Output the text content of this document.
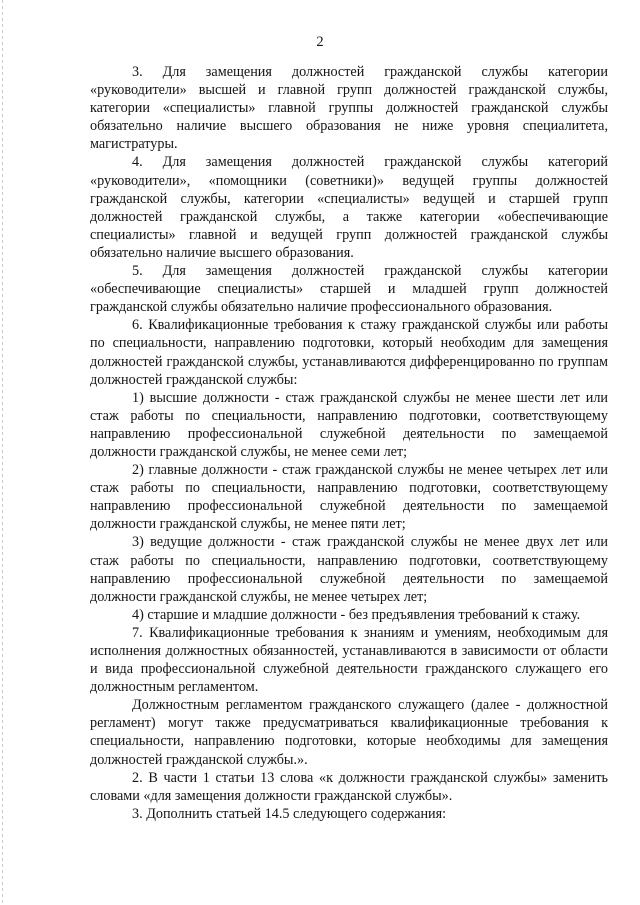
2

3. Для замещения должностей гражданской службы категории «руководители» высшей и главной групп должностей гражданской службы, категории «специалисты» главной группы должностей гражданской службы обязательно наличие высшего образования не ниже уровня специалитета, магистратуры.

4. Для замещения должностей гражданской службы категорий «руководители», «помощники (советники)» ведущей группы должностей гражданской службы, категории «специалисты» ведущей и старшей групп должностей гражданской службы, а также категории «обеспечивающие специалисты» главной и ведущей групп должностей гражданской службы обязательно наличие высшего образования.

5. Для замещения должностей гражданской службы категории «обеспечивающие специалисты» старшей и младшей групп должностей гражданской службы обязательно наличие профессионального образования.

6. Квалификационные требования к стажу гражданской службы или работы по специальности, направлению подготовки, который необходим для замещения должностей гражданской службы, устанавливаются дифференцированно по группам должностей гражданской службы:

1) высшие должности - стаж гражданской службы не менее шести лет или стаж работы по специальности, направлению подготовки, соответствующему направлению профессиональной служебной деятельности по замещаемой должности гражданской службы, не менее семи лет;

2) главные должности - стаж гражданской службы не менее четырех лет или стаж работы по специальности, направлению подготовки, соответствующему направлению профессиональной служебной деятельности по замещаемой должности гражданской службы, не менее пяти лет;

3) ведущие должности - стаж гражданской службы не менее двух лет или стаж работы по специальности, направлению подготовки, соответствующему направлению профессиональной служебной деятельности по замещаемой должности гражданской службы, не менее четырех лет;

4) старшие и младшие должности - без предъявления требований к стажу.

7. Квалификационные требования к знаниям и умениям, необходимым для исполнения должностных обязанностей, устанавливаются в зависимости от области и вида профессиональной служебной деятельности гражданского служащего его должностным регламентом.

Должностным регламентом гражданского служащего (далее - должностной регламент) могут также предусматриваться квалификационные требования к специальности, направлению подготовки, которые необходимы для замещения должностей гражданской службы.».

2. В части 1 статьи 13 слова «к должности гражданской службы» заменить словами «для замещения должности гражданской службы».

3. Дополнить статьей 14.5 следующего содержания:
